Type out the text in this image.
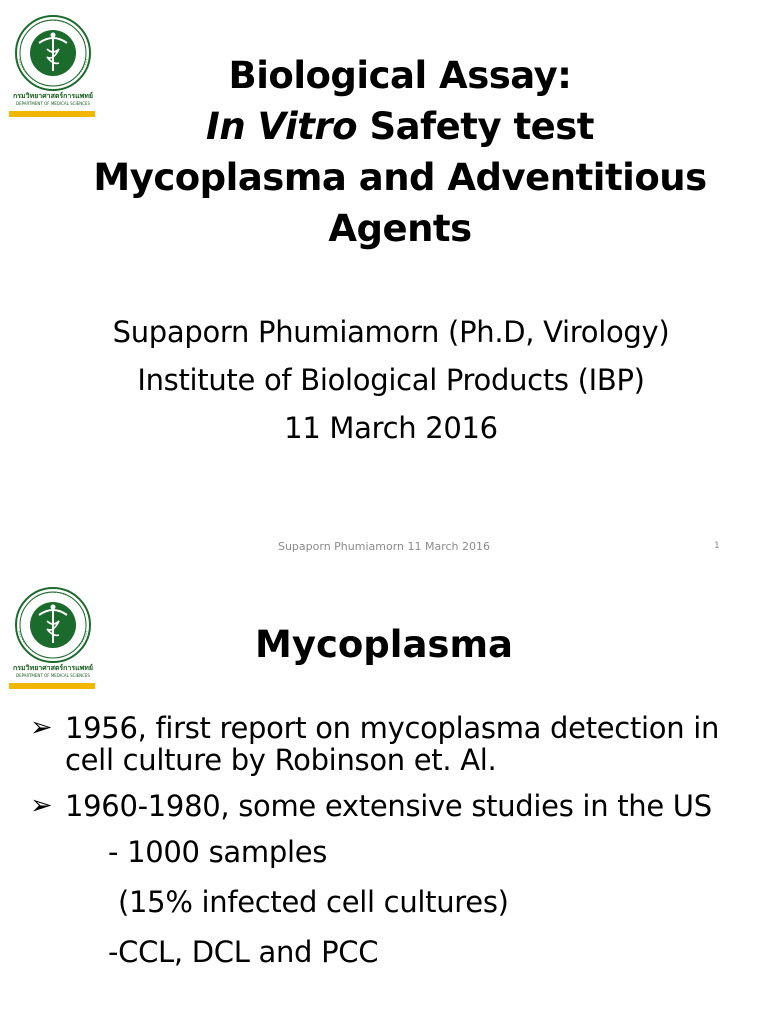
กรมวิทยาศาสตร์การแพทย์
DEPARTMENT OF MEDICAL SCIENCES
Biological Assay:
In Vitro Safety test
Mycoplasma and Adventitious
Agents
Supaporn Phumiamorn (Ph.D, Virology)
Institute of Biological Products (IBP)
11 March 2016
Supaporn Phumiamorn 11 March 2016	1
กรมวิทยาศาสตร์การแพทย์
DEPARTMENT OF MEDICAL SCIENCES
Mycoplasma
➢ 1956, first report on mycoplasma detection in cell culture by Robinson et. Al.
➢ 1960-1980, some extensive studies in the US
- 1000 samples
(15% infected cell cultures)
-CCL, DCL and PCC
